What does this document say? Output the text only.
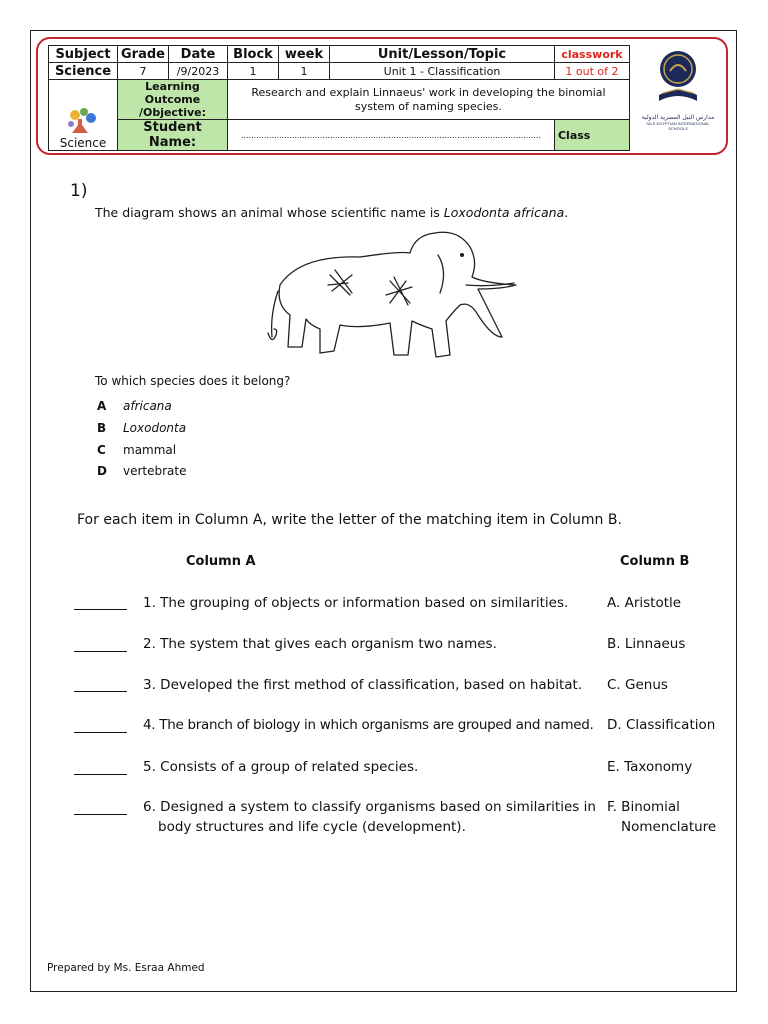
Subject	Grade	Date	Block	week	Unit/Lesson/Topic	classwork
Science	7	/9/2023	1	1	Unit 1 - Classification	1 out of 2

Science	Learning Outcome /Objective:		Research and explain Linnaeus' work in developing the binomial system of naming species.			
	Student Name:		......................................................................................................................			Class
مدارس النيل المصرية الدولية
NILE EGYPTIAN INTERNATIONAL SCHOOLS
1)
The diagram shows an animal whose scientific name is Loxodonta africana.
To which species does it belong?
A africana
B Loxodonta
C mammal
D vertebrate
For each item in Column A, write the letter of the matching item in Column B.
Column A	Column B
1. The grouping of objects or information based on similarities.	A. Aristotle
2. The system that gives each organism two names.	B. Linnaeus
3. Developed the first method of classification, based on habitat. C. Genus
4. The branch of biology in which organisms are grouped and named. D. Classification
5. Consists of a group of related species.	E. Taxonomy
6. Designed a system to classify organisms based on similarities in
body structures and life cycle (development).
F. Binomial
Nomenclature
Prepared by Ms. Esraa Ahmed
